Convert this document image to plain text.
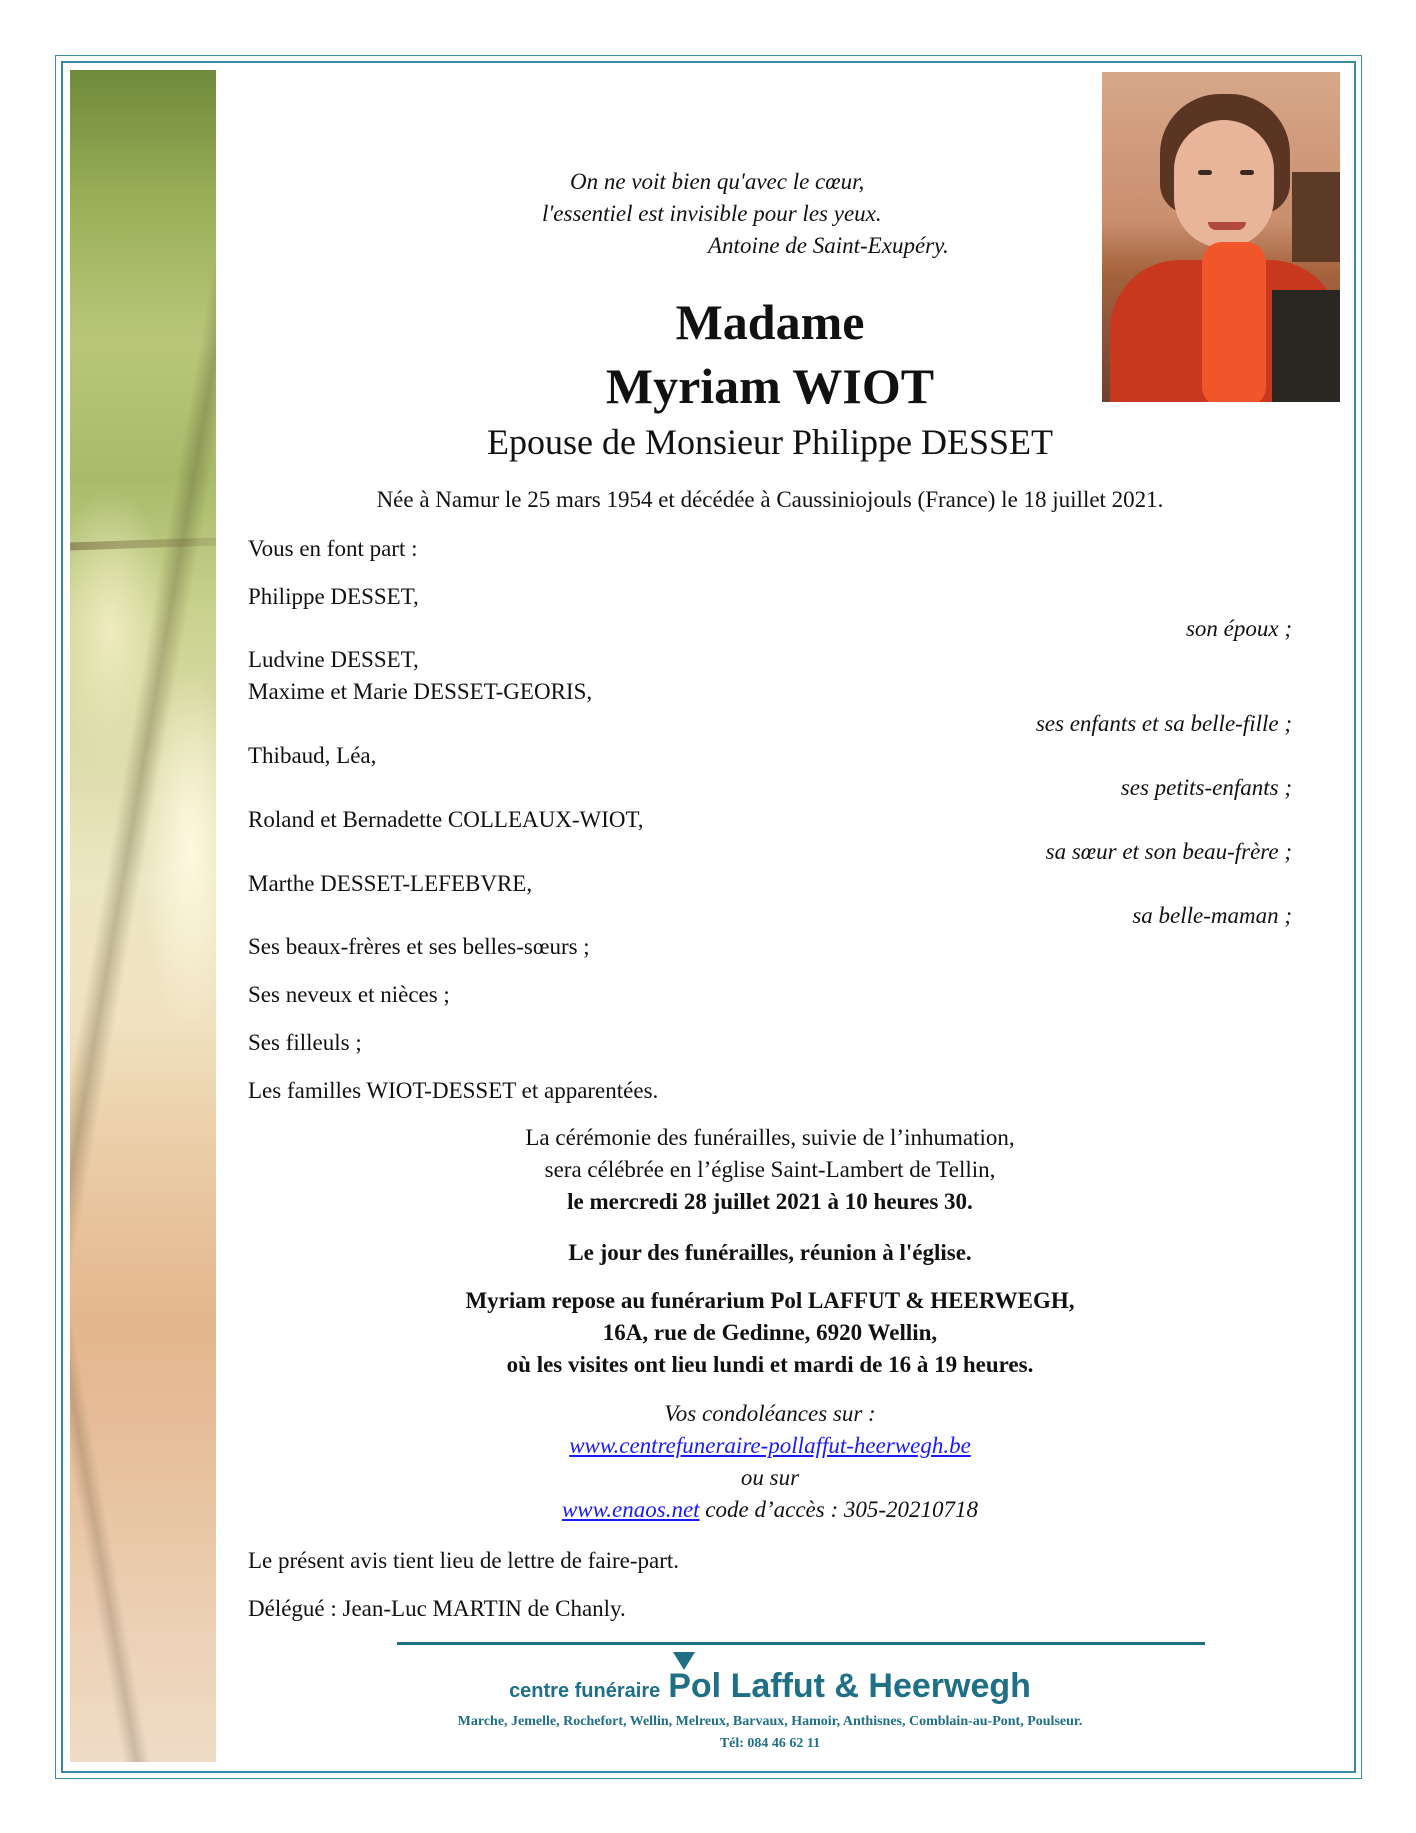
On ne voit bien qu'avec le cœur,
l'essentiel est invisible pour les yeux.
Antoine de Saint-Exupéry.
Madame
Myriam WIOT
Epouse de Monsieur Philippe DESSET
Née à Namur le 25 mars 1954 et décédée à Caussiniojouls (France) le 18 juillet 2021.
Vous en font part :
Philippe DESSET,
son époux ;
Ludvine DESSET,
Maxime et Marie DESSET-GEORIS,
ses enfants et sa belle-fille ;
Thibaud, Léa,
ses petits-enfants ;
Roland et Bernadette COLLEAUX-WIOT,
sa sœur et son beau-frère ;
Marthe DESSET-LEFEBVRE,
sa belle-maman ;
Ses beaux-frères et ses belles-sœurs ;
Ses neveux et nièces ;
Ses filleuls ;
Les familles WIOT-DESSET et apparentées.
La cérémonie des funérailles, suivie de l’inhumation,
sera célébrée en l’église Saint-Lambert de Tellin,
le mercredi 28 juillet 2021 à 10 heures 30.
Le jour des funérailles, réunion à l'église.
Myriam repose au funérarium Pol LAFFUT & HEERWEGH,
16A, rue de Gedinne, 6920 Wellin,
où les visites ont lieu lundi et mardi de 16 à 19 heures.
Vos condoléances sur :
www.centrefuneraire-pollaffut-heerwegh.be
ou sur
www.enaos.net code d’accès : 305-20210718
Le présent avis tient lieu de lettre de faire-part.
Délégué : Jean-Luc MARTIN de Chanly.
centre funéraire Pol Laffut & Heerwegh
Marche, Jemelle, Rochefort, Wellin, Melreux, Barvaux, Hamoir, Anthisnes, Comblain-au-Pont, Poulseur.
Tél: 084 46 62 11
